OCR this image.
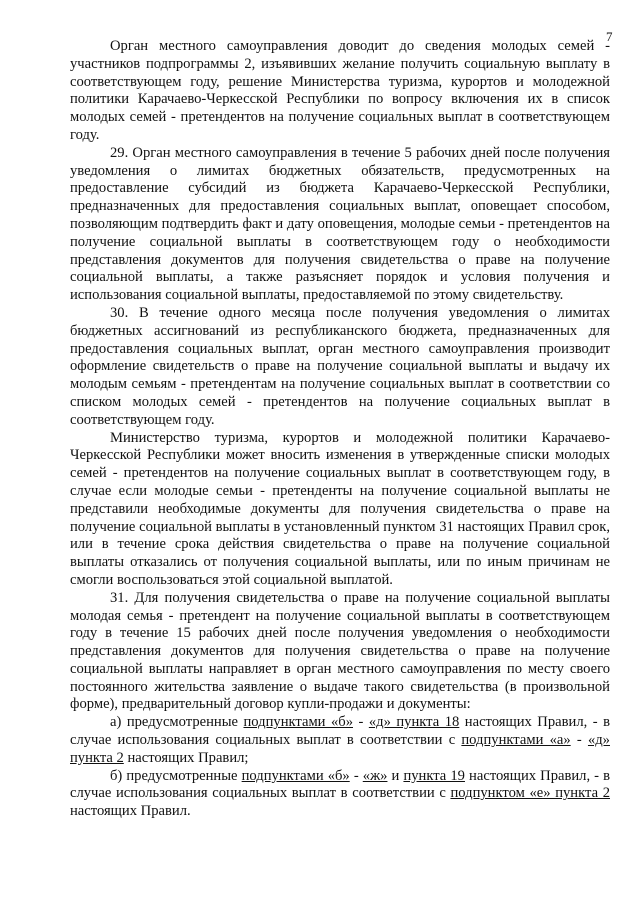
7

Орган местного самоуправления доводит до сведения молодых семей - участников подпрограммы 2, изъявивших желание получить социальную выплату в соответствующем году, решение Министерства туризма, курортов и молодежной политики Карачаево-Черкесской Республики по вопросу включения их в список молодых семей - претендентов на получение социальных выплат в соответствующем году.

29. Орган местного самоуправления в течение 5 рабочих дней после получения уведомления о лимитах бюджетных обязательств, предусмотренных на предоставление субсидий из бюджета Карачаево-Черкесской Республики, предназначенных для предоставления социальных выплат, оповещает способом, позволяющим подтвердить факт и дату оповещения, молодые семьи - претендентов на получение социальной выплаты в соответствующем году о необходимости представления документов для получения свидетельства о праве на получение социальной выплаты, а также разъясняет порядок и условия получения и использования социальной выплаты, предоставляемой по этому свидетельству.

30. В течение одного месяца после получения уведомления о лимитах бюджетных ассигнований из республиканского бюджета, предназначенных для предоставления социальных выплат, орган местного самоуправления производит оформление свидетельств о праве на получение социальной выплаты и выдачу их молодым семьям - претендентам на получение социальных выплат в соответствии со списком молодых семей - претендентов на получение социальных выплат в соответствующем году.

Министерство туризма, курортов и молодежной политики Карачаево-Черкесской Республики может вносить изменения в утвержденные списки молодых семей - претендентов на получение социальных выплат в соответствующем году, в случае если молодые семьи - претенденты на получение социальной выплаты не представили необходимые документы для получения свидетельства о праве на получение социальной выплаты в установленный пунктом 31 настоящих Правил срок, или в течение срока действия свидетельства о праве на получение социальной выплаты отказались от получения социальной выплаты, или по иным причинам не смогли воспользоваться этой социальной выплатой.

31. Для получения свидетельства о праве на получение социальной выплаты молодая семья - претендент на получение социальной выплаты в соответствующем году в течение 15 рабочих дней после получения уведомления о необходимости представления документов для получения свидетельства о праве на получение социальной выплаты направляет в орган местного самоуправления по месту своего постоянного жительства заявление о выдаче такого свидетельства (в произвольной форме), предварительный договор купли-продажи и документы:

а) предусмотренные подпунктами «б» - «д» пункта 18 настоящих Правил, - в случае использования социальных выплат в соответствии с подпунктами «а» - «д» пункта 2 настоящих Правил;

б) предусмотренные подпунктами «б» - «ж» и пункта 19 настоящих Правил, - в случае использования социальных выплат в соответствии с подпунктом «е» пункта 2 настоящих Правил.
